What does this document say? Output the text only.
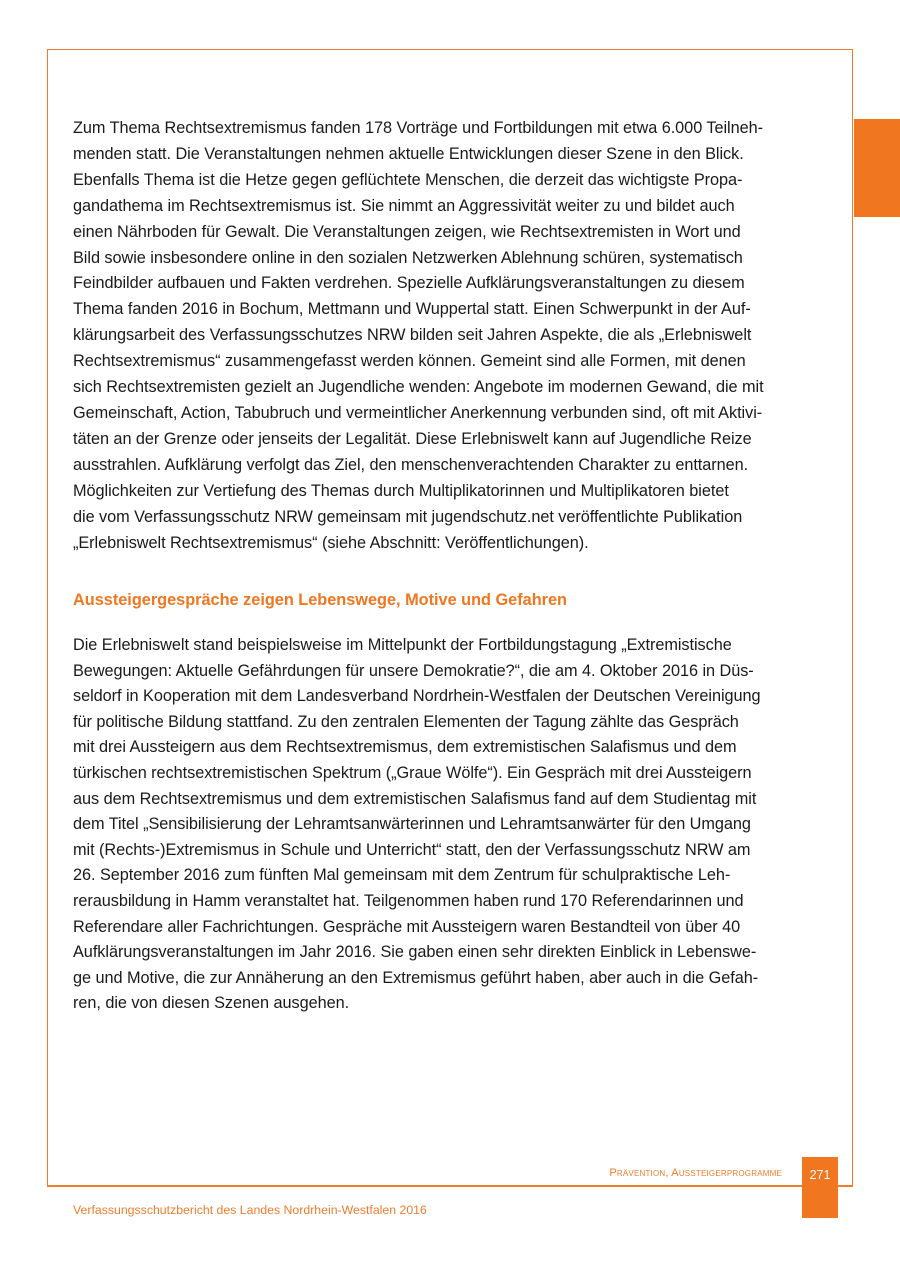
Zum Thema Rechtsextremismus fanden 178 Vorträge und Fortbildungen mit etwa 6.000 Teilneh-
menden statt. Die Veranstaltungen nehmen aktuelle Entwicklungen dieser Szene in den Blick.
Ebenfalls Thema ist die Hetze gegen geflüchtete Menschen, die derzeit das wichtigste Propa-
gandathema im Rechtsextremismus ist. Sie nimmt an Aggressivität weiter zu und bildet auch
einen Nährboden für Gewalt. Die Veranstaltungen zeigen, wie Rechtsextremisten in Wort und
Bild sowie insbesondere online in den sozialen Netzwerken Ablehnung schüren, systematisch
Feindbilder aufbauen und Fakten verdrehen. Spezielle Aufklärungsveranstaltungen zu diesem
Thema fanden 2016 in Bochum, Mettmann und Wuppertal statt. Einen Schwerpunkt in der Auf-
klärungsarbeit des Verfassungsschutzes NRW bilden seit Jahren Aspekte, die als „Erlebniswelt
Rechtsextremismus“ zusammengefasst werden können. Gemeint sind alle Formen, mit denen
sich Rechtsextremisten gezielt an Jugendliche wenden: Angebote im modernen Gewand, die mit
Gemeinschaft, Action, Tabubruch und vermeintlicher Anerkennung verbunden sind, oft mit Aktivi-
täten an der Grenze oder jenseits der Legalität. Diese Erlebniswelt kann auf Jugendliche Reize
ausstrahlen. Aufklärung verfolgt das Ziel, den menschenverachtenden Charakter zu enttarnen.
Möglichkeiten zur Vertiefung des Themas durch Multiplikatorinnen und Multiplikatoren bietet
die vom Verfassungsschutz NRW gemeinsam mit jugendschutz.net veröffentlichte Publikation
„Erlebniswelt Rechtsextremismus“ (siehe Abschnitt: Veröffentlichungen).
Aussteigergespräche zeigen Lebenswege, Motive und Gefahren
Die Erlebniswelt stand beispielsweise im Mittelpunkt der Fortbildungstagung „Extremistische
Bewegungen: Aktuelle Gefährdungen für unsere Demokratie?“, die am 4. Oktober 2016 in Düs-
seldorf in Kooperation mit dem Landesverband Nordrhein-Westfalen der Deutschen Vereinigung
für politische Bildung stattfand. Zu den zentralen Elementen der Tagung zählte das Gespräch
mit drei Aussteigern aus dem Rechtsextremismus, dem extremistischen Salafismus und dem
türkischen rechtsextremistischen Spektrum („Graue Wölfe“). Ein Gespräch mit drei Aussteigern
aus dem Rechtsextremismus und dem extremistischen Salafismus fand auf dem Studientag mit
dem Titel „Sensibilisierung der Lehramtsanwärterinnen und Lehramtsanwärter für den Umgang
mit (Rechts-)Extremismus in Schule und Unterricht“ statt, den der Verfassungsschutz NRW am
26. September 2016 zum fünften Mal gemeinsam mit dem Zentrum für schulpraktische Leh-
rerausbildung in Hamm veranstaltet hat. Teilgenommen haben rund 170 Referendarinnen und
Referendare aller Fachrichtungen. Gespräche mit Aussteigern waren Bestandteil von über 40
Aufklärungsveranstaltungen im Jahr 2016. Sie gaben einen sehr direkten Einblick in Lebenswe-
ge und Motive, die zur Annäherung an den Extremismus geführt haben, aber auch in die Gefah-
ren, die von diesen Szenen ausgehen.
Prävention, Aussteigerprogramme	271
Verfassungsschutzbericht des Landes Nordrhein-Westfalen 2016
